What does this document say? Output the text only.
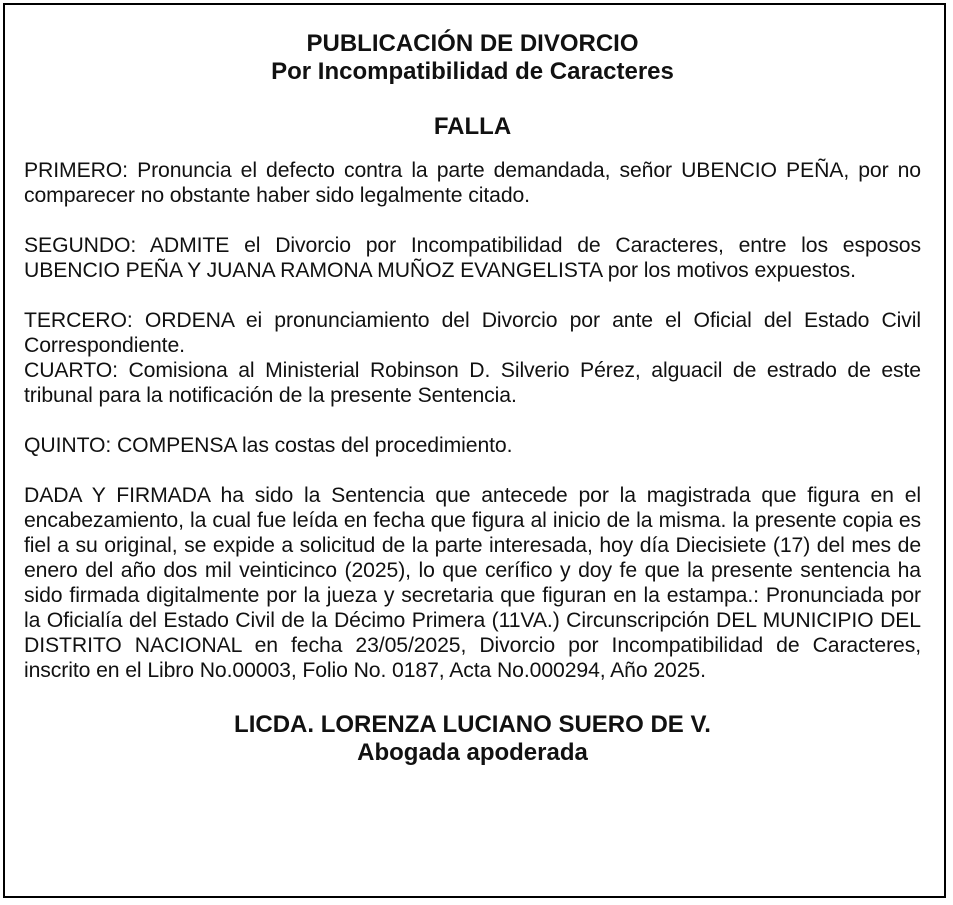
PUBLICACIÓN DE DIVORCIO

Por Incompatibilidad de Caracteres

FALLA

PRIMERO: Pronuncia el defecto contra la parte demandada, señor UBENCIO PEÑA, por no comparecer no obstante haber sido legalmente citado.

SEGUNDO: ADMITE el Divorcio por Incompatibilidad de Caracteres, entre los esposos UBENCIO PEÑA Y JUANA RAMONA MUÑOZ EVANGELISTA por los motivos expuestos.

TERCERO: ORDENA ei pronunciamiento del Divorcio por ante el Oficial del Estado Civil Correspondiente.

CUARTO: Comisiona al Ministerial Robinson D. Silverio Pérez, alguacil de estrado de este tribunal para la notificación de la presente Sentencia.

QUINTO: COMPENSA las costas del procedimiento.

DADA Y FIRMADA ha sido la Sentencia que antecede por la magistrada que figura en el encabezamiento, la cual fue leída en fecha que figura al inicio de la misma. la presente copia es fiel a su original, se expide a solicitud de la parte interesada, hoy día Diecisiete (17) del mes de enero del año dos mil veinticinco (2025), lo que cerífico y doy fe que la presente sentencia ha sido firmada digitalmente por la jueza y secretaria que figuran en la estampa.: Pronunciada por la Oficialía del Estado Civil de la Décimo Primera (11VA.) Circunscripción DEL MUNICIPIO DEL DISTRITO NACIONAL en fecha 23/05/2025, Divorcio por Incompatibilidad de Caracteres, inscrito en el Libro No.00003, Folio No. 0187, Acta No.000294, Año 2025.

LICDA. LORENZA LUCIANO SUERO DE V.

Abogada apoderada
